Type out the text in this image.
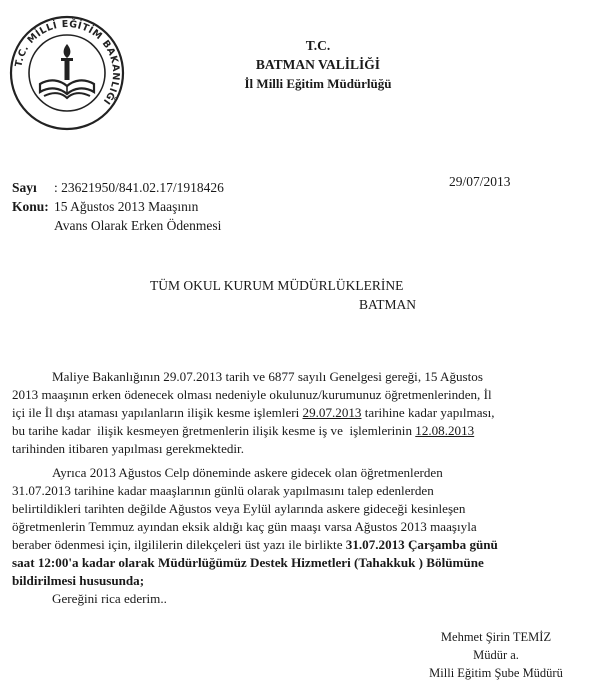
T.C. MİLLİ EĞİTİM BAKANLIĞI
T.C.
BATMAN VALİLİĞİ
İl Milli Eğitim Müdürlüğü
29/07/2013
Sayı : 23621950/841.02.17/1918426
Konu: 15 Ağustos 2013 Maaşının
Avans Olarak Erken Ödenmesi
TÜM OKUL KURUM MÜDÜRLÜKLERİNE
BATMAN
Maliye Bakanlığının 29.07.2013 tarih ve 6877 sayılı Genelgesi gereği, 15 Ağustos
2013 maaşının erken ödenecek olması nedeniyle okulunuz/kurumunuz öğretmenlerinden, İl
içi ile İl dışı ataması yapılanların ilişik kesme işlemleri 29.07.2013 tarihine kadar yapılması,
bu tarihe kadar  ilişik kesmeyen ğretmenlerin ilişik kesme iş ve  işlemlerinin 12.08.2013
tarihinden itibaren yapılması gerekmektedir.
Ayrıca 2013 Ağustos Celp döneminde askere gidecek olan öğretmenlerden
31.07.2013 tarihine kadar maaşlarının günlü olarak yapılmasını talep edenlerden
belirtildikleri tarihten değilde Ağustos veya Eylül aylarında askere gideceği kesinleşen
öğretmenlerin Temmuz ayından eksik aldığı kaç gün maaşı varsa Ağustos 2013 maaşıyla
beraber ödenmesi için, ilgililerin dilekçeleri üst yazı ile birlikte 31.07.2013 Çarşamba günü
saat 12:00'a kadar olarak Müdürlüğümüz Destek Hizmetleri (Tahakkuk ) Bölümüne
bildirilmesi hususunda;
Gereğini rica ederim..
Mehmet Şirin TEMİZ
Müdür a.
Milli Eğitim Şube Müdürü
